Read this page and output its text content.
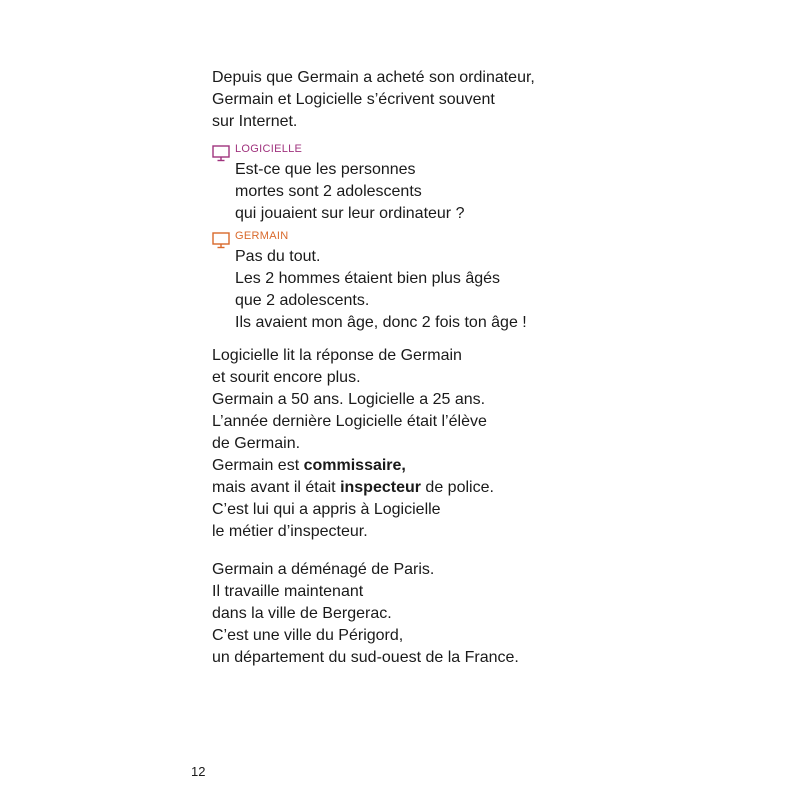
Depuis que Germain a acheté son ordinateur,
Germain et Logicielle s’écrivent souvent
sur Internet.

LOGICIELLE
Est-ce que les personnes
mortes sont 2 adolescents
qui jouaient sur leur ordinateur ?
GERMAIN
Pas du tout.
Les 2 hommes étaient bien plus âgés
que 2 adolescents.
Ils avaient mon âge, donc 2 fois ton âge !

Logicielle lit la réponse de Germain
et sourit encore plus.
Germain a 50 ans. Logicielle a 25 ans.
L’année dernière Logicielle était l’élève
de Germain.
Germain est commissaire,
mais avant il était inspecteur de police.
C’est lui qui a appris à Logicielle
le métier d’inspecteur.

Germain a déménagé de Paris.
Il travaille maintenant
dans la ville de Bergerac.
C’est une ville du Périgord,
un département du sud-ouest de la France.

12
